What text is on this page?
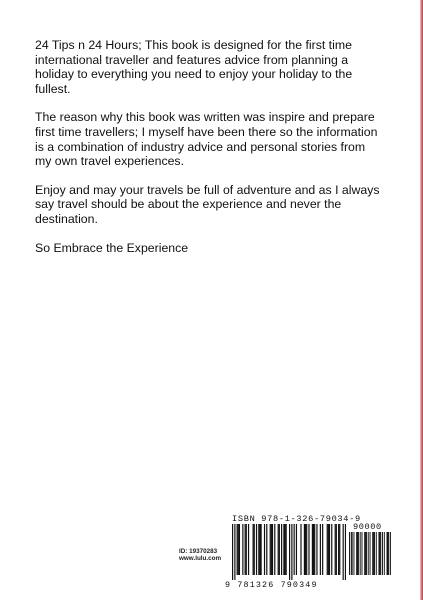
24 Tips n 24 Hours; This book is designed for the first time international traveller and features advice from planning a holiday to everything you need to enjoy your holiday to the fullest.

The reason why this book was written was inspire and prepare first time travellers; I myself have been there so the information is a combination of industry advice and personal stories from my own travel experiences.

Enjoy and may your travels be full of adventure and as I always say travel should be about the experience and never the destination.

So Embrace the Experience

ISBN 978-1-326-79034-9
90000
ID: 19370283
www.lulu.com
9 781326 790349
